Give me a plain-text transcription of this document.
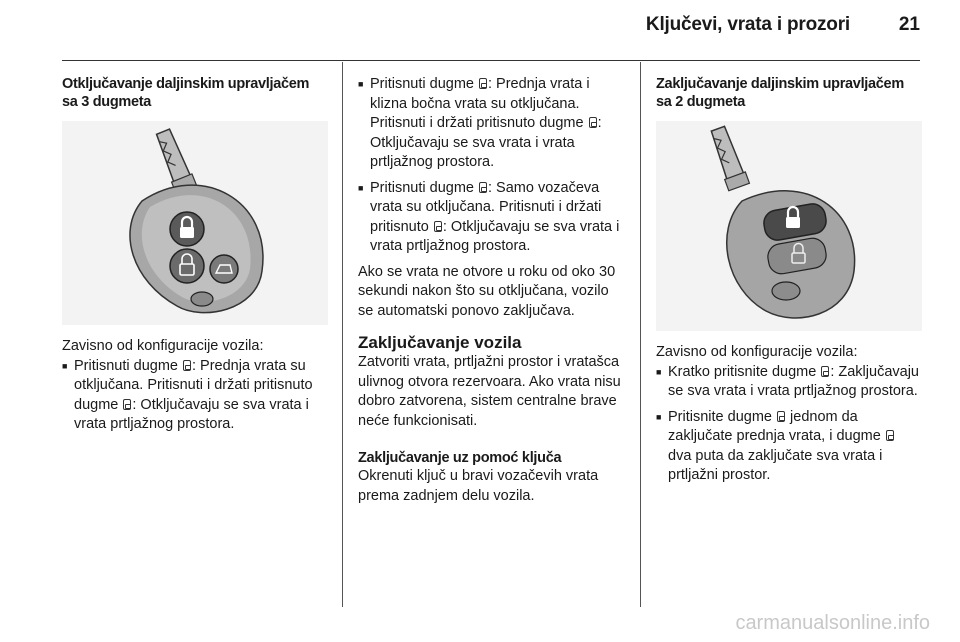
Ključevi, vrata i prozori	21
Otključavanje daljinskim upravljačem sa 3 dugmeta

Zavisno od konfiguracije vozila:

■ Pritisnuti dugme : Prednja vrata su otključana. Pritisnuti i držati pritisnuto dugme : Otključavaju se sva vrata i vrata prtljažnog prostora.
■ Pritisnuti dugme : Prednja vrata i klizna bočna vrata su otključana. Pritisnuti i držati pritisnuto dugme : Otključavaju se sva vrata i vrata prtljažnog prostora.
■ Pritisnuti dugme : Samo vozačeva vrata su otključana. Pritisnuti i držati pritisnuto : Otključavaju se sva vrata i vrata prtljažnog prostora.

Ako se vrata ne otvore u roku od oko 30 sekundi nakon što su otključana, vozilo se automatski ponovo zaključava.

Zaključavanje vozila

Zatvoriti vrata, prtljažni prostor i vratašca ulivnog otvora rezervoara. Ako vrata nisu dobro zatvorena, sistem centralne brave neće funkcionisati.

Zaključavanje uz pomoć ključa

Okrenuti ključ u bravi vozačevih vrata prema zadnjem delu vozila.

Zaključavanje daljinskim upravljačem sa 2 dugmeta

Zavisno od konfiguracije vozila:

■ Kratko pritisnite dugme : Zaključavaju se sva vrata i vrata prtljažnog prostora.
■ Pritisnite dugme jednom da zaključate prednja vrata, i dugme  dva puta da zaključate sva vrata i prtljažni prostor.
carmanualsonline.info
